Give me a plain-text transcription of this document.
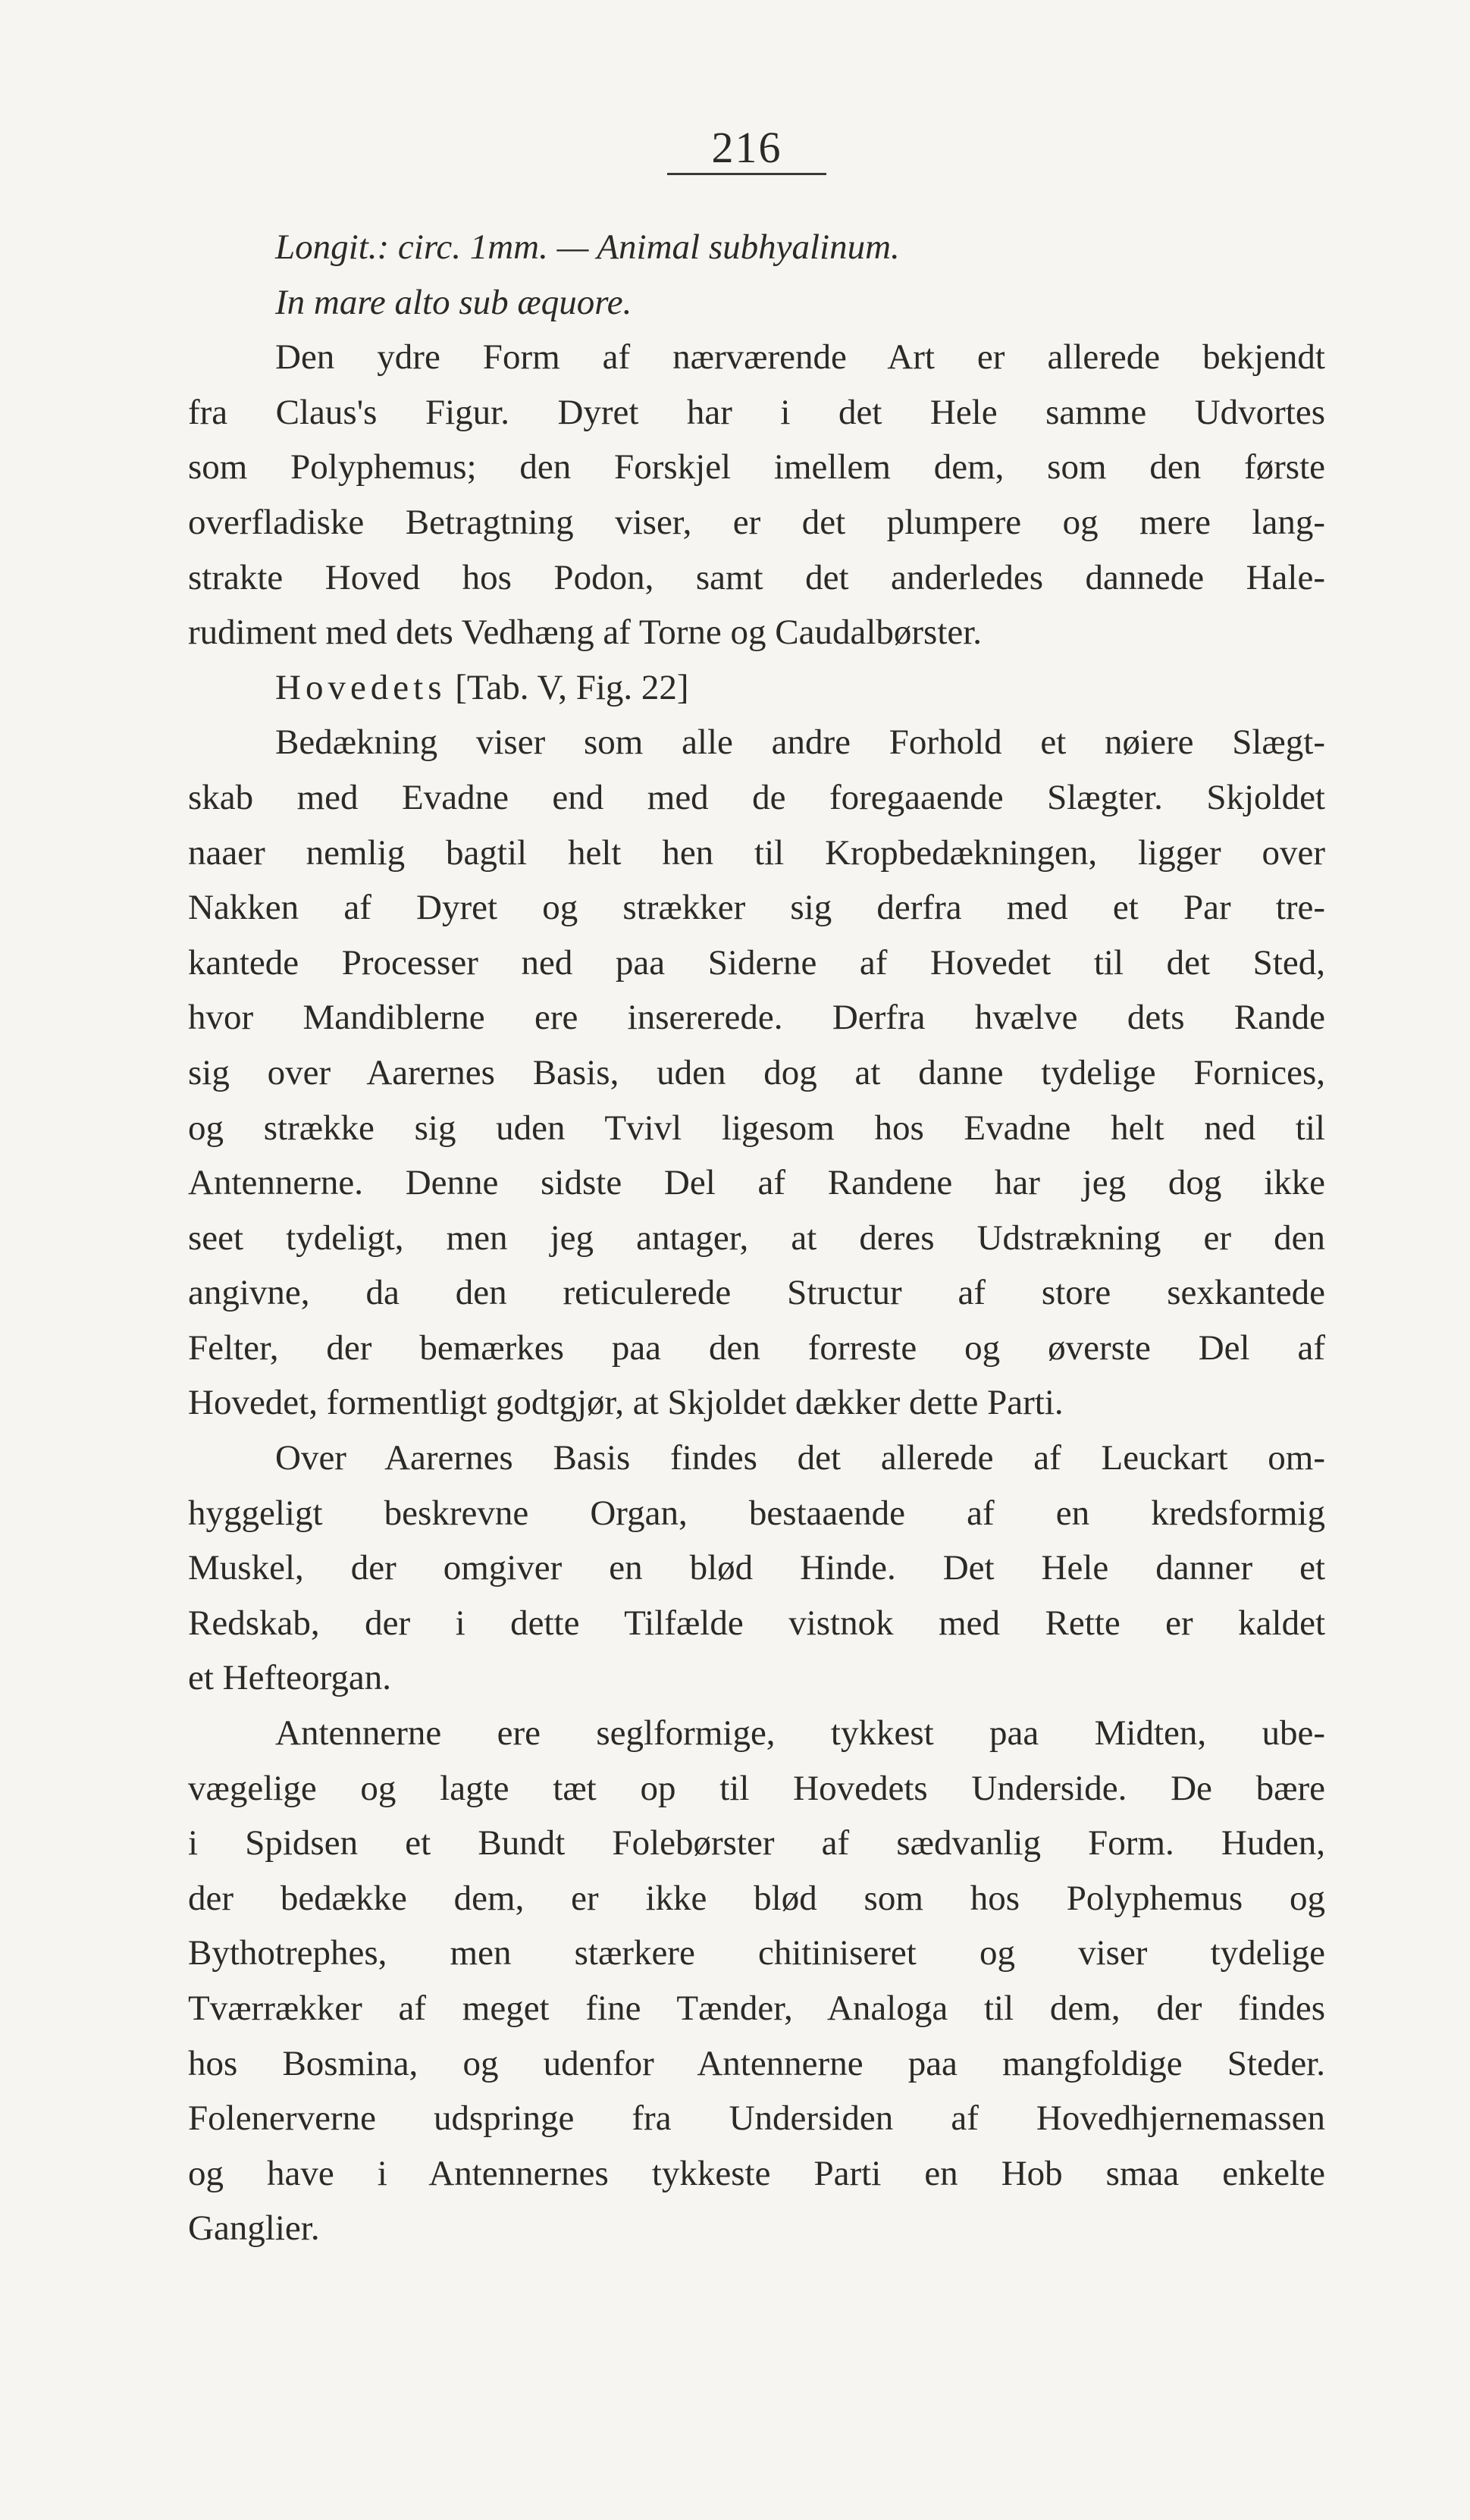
216
Longit.: circ. 1mm. — Animal subhyalinum.
In mare alto sub æquore.
Den ydre Form af nærværende Art er allerede bekjendt
fra Claus's Figur. Dyret har i det Hele samme Udvortes
som Polyphemus; den Forskjel imellem dem, som den første
overfladiske Betragtning viser, er det plumpere og mere lang-
strakte Hoved hos Podon, samt det anderledes dannede Hale-
rudiment med dets Vedhæng af Torne og Caudalbørster.
Hovedets [Tab. V, Fig. 22]
Bedækning viser som alle andre Forhold et nøiere Slægt-
skab med Evadne end med de foregaaende Slægter. Skjoldet
naaer nemlig bagtil helt hen til Kropbedækningen, ligger over
Nakken af Dyret og strækker sig derfra med et Par tre-
kantede Processer ned paa Siderne af Hovedet til det Sted,
hvor Mandiblerne ere insererede. Derfra hvælve dets Rande
sig over Aarernes Basis, uden dog at danne tydelige Fornices,
og strække sig uden Tvivl ligesom hos Evadne helt ned til
Antennerne. Denne sidste Del af Randene har jeg dog ikke
seet tydeligt, men jeg antager, at deres Udstrækning er den
angivne, da den reticulerede Structur af store sexkantede
Felter, der bemærkes paa den forreste og øverste Del af
Hovedet, formentligt godtgjør, at Skjoldet dækker dette Parti.
Over Aarernes Basis findes det allerede af Leuckart om-
hyggeligt beskrevne Organ, bestaaende af en kredsformig
Muskel, der omgiver en blød Hinde. Det Hele danner et
Redskab, der i dette Tilfælde vistnok med Rette er kaldet
et Hefteorgan.
Antennerne ere seglformige, tykkest paa Midten, ube-
vægelige og lagte tæt op til Hovedets Underside. De bære
i Spidsen et Bundt Folebørster af sædvanlig Form. Huden,
der bedække dem, er ikke blød som hos Polyphemus og
Bythotrephes, men stærkere chitiniseret og viser tydelige
Tværrækker af meget fine Tænder, Analoga til dem, der findes
hos Bosmina, og udenfor Antennerne paa mangfoldige Steder.
Folenerverne udspringe fra Undersiden af Hovedhjernemassen
og have i Antennernes tykkeste Parti en Hob smaa enkelte
Ganglier.
